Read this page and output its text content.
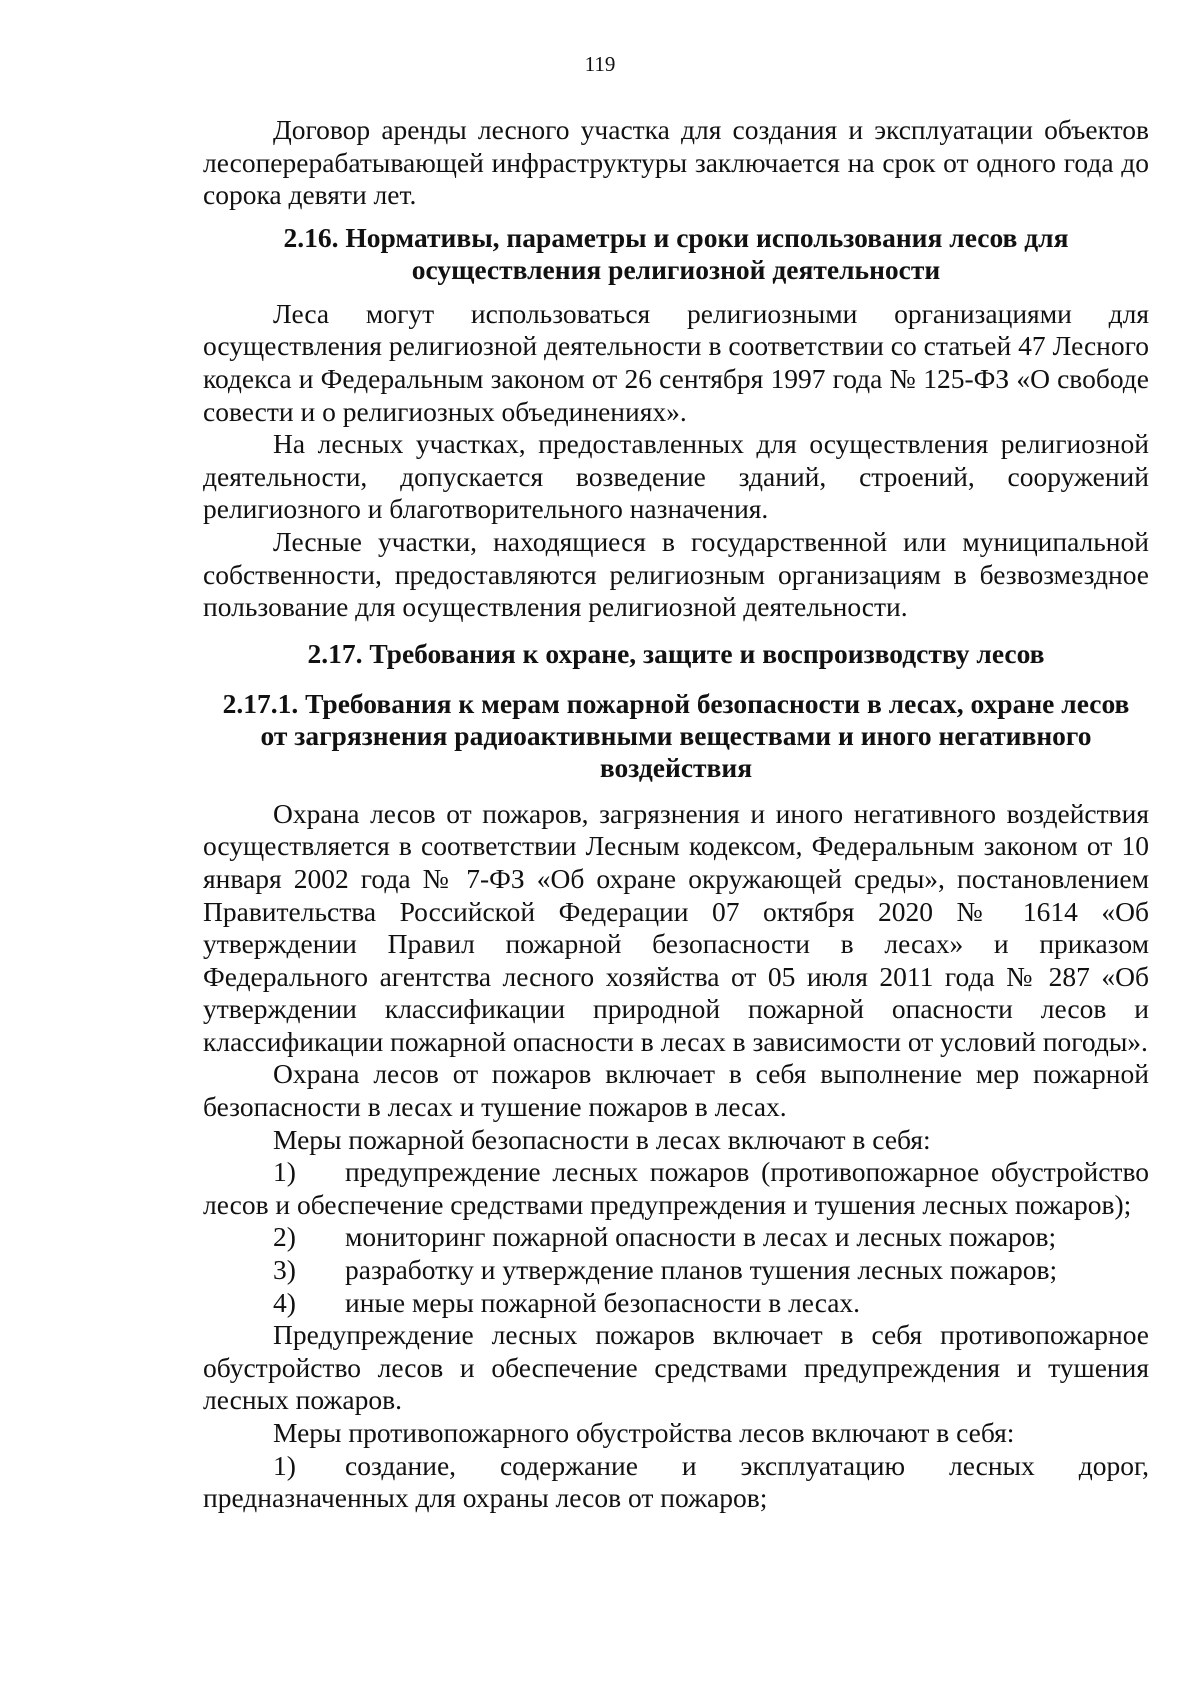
119

Договор аренды лесного участка для создания и эксплуатации объектов лесоперерабатывающей инфраструктуры заключается на срок от одного года до сорока девяти лет.

2.16. Нормативы, параметры и сроки использования лесов для
осуществления религиозной деятельности

Леса могут использоваться религиозными организациями для осуществления религиозной деятельности в соответствии со статьей 47 Лесного кодекса и Федеральным законом от 26 сентября 1997 года № 125-ФЗ «О свободе совести и о религиозных объединениях».

На лесных участках, предоставленных для осуществления религиозной деятельности, допускается возведение зданий, строений, сооружений религиозного и благотворительного назначения.

Лесные участки, находящиеся в государственной или муниципальной собственности, предоставляются религиозным организациям в безвозмездное пользование для осуществления религиозной деятельности.

2.17. Требования к охране, защите и воспроизводству лесов
2.17.1. Требования к мерам пожарной безопасности в лесах, охране лесов
от загрязнения радиоактивными веществами и иного негативного
воздействия

Охрана лесов от пожаров, загрязнения и иного негативного воздействия осуществляется в соответствии Лесным кодексом, Федеральным законом от 10 января 2002 года № 7-ФЗ «Об охране окружающей среды», постановлением Правительства Российской Федерации 07 октября 2020 № 1614 «Об утверждении Правил пожарной безопасности в лесах» и приказом Федерального агентства лесного хозяйства от 05 июля 2011 года № 287 «Об утверждении классификации природной пожарной опасности лесов и классификации пожарной опасности в лесах в зависимости от условий погоды».

Охрана лесов от пожаров включает в себя выполнение мер пожарной безопасности в лесах и тушение пожаров в лесах.

Меры пожарной безопасности в лесах включают в себя:

1) предупреждение лесных пожаров (противопожарное обустройство лесов и обеспечение средствами предупреждения и тушения лесных пожаров);

2) мониторинг пожарной опасности в лесах и лесных пожаров;

3) разработку и утверждение планов тушения лесных пожаров;

4) иные меры пожарной безопасности в лесах.

Предупреждение лесных пожаров включает в себя противопожарное обустройство лесов и обеспечение средствами предупреждения и тушения лесных пожаров.

Меры противопожарного обустройства лесов включают в себя:

1) создание, содержание и эксплуатацию лесных дорог, предназначенных для охраны лесов от пожаров;
